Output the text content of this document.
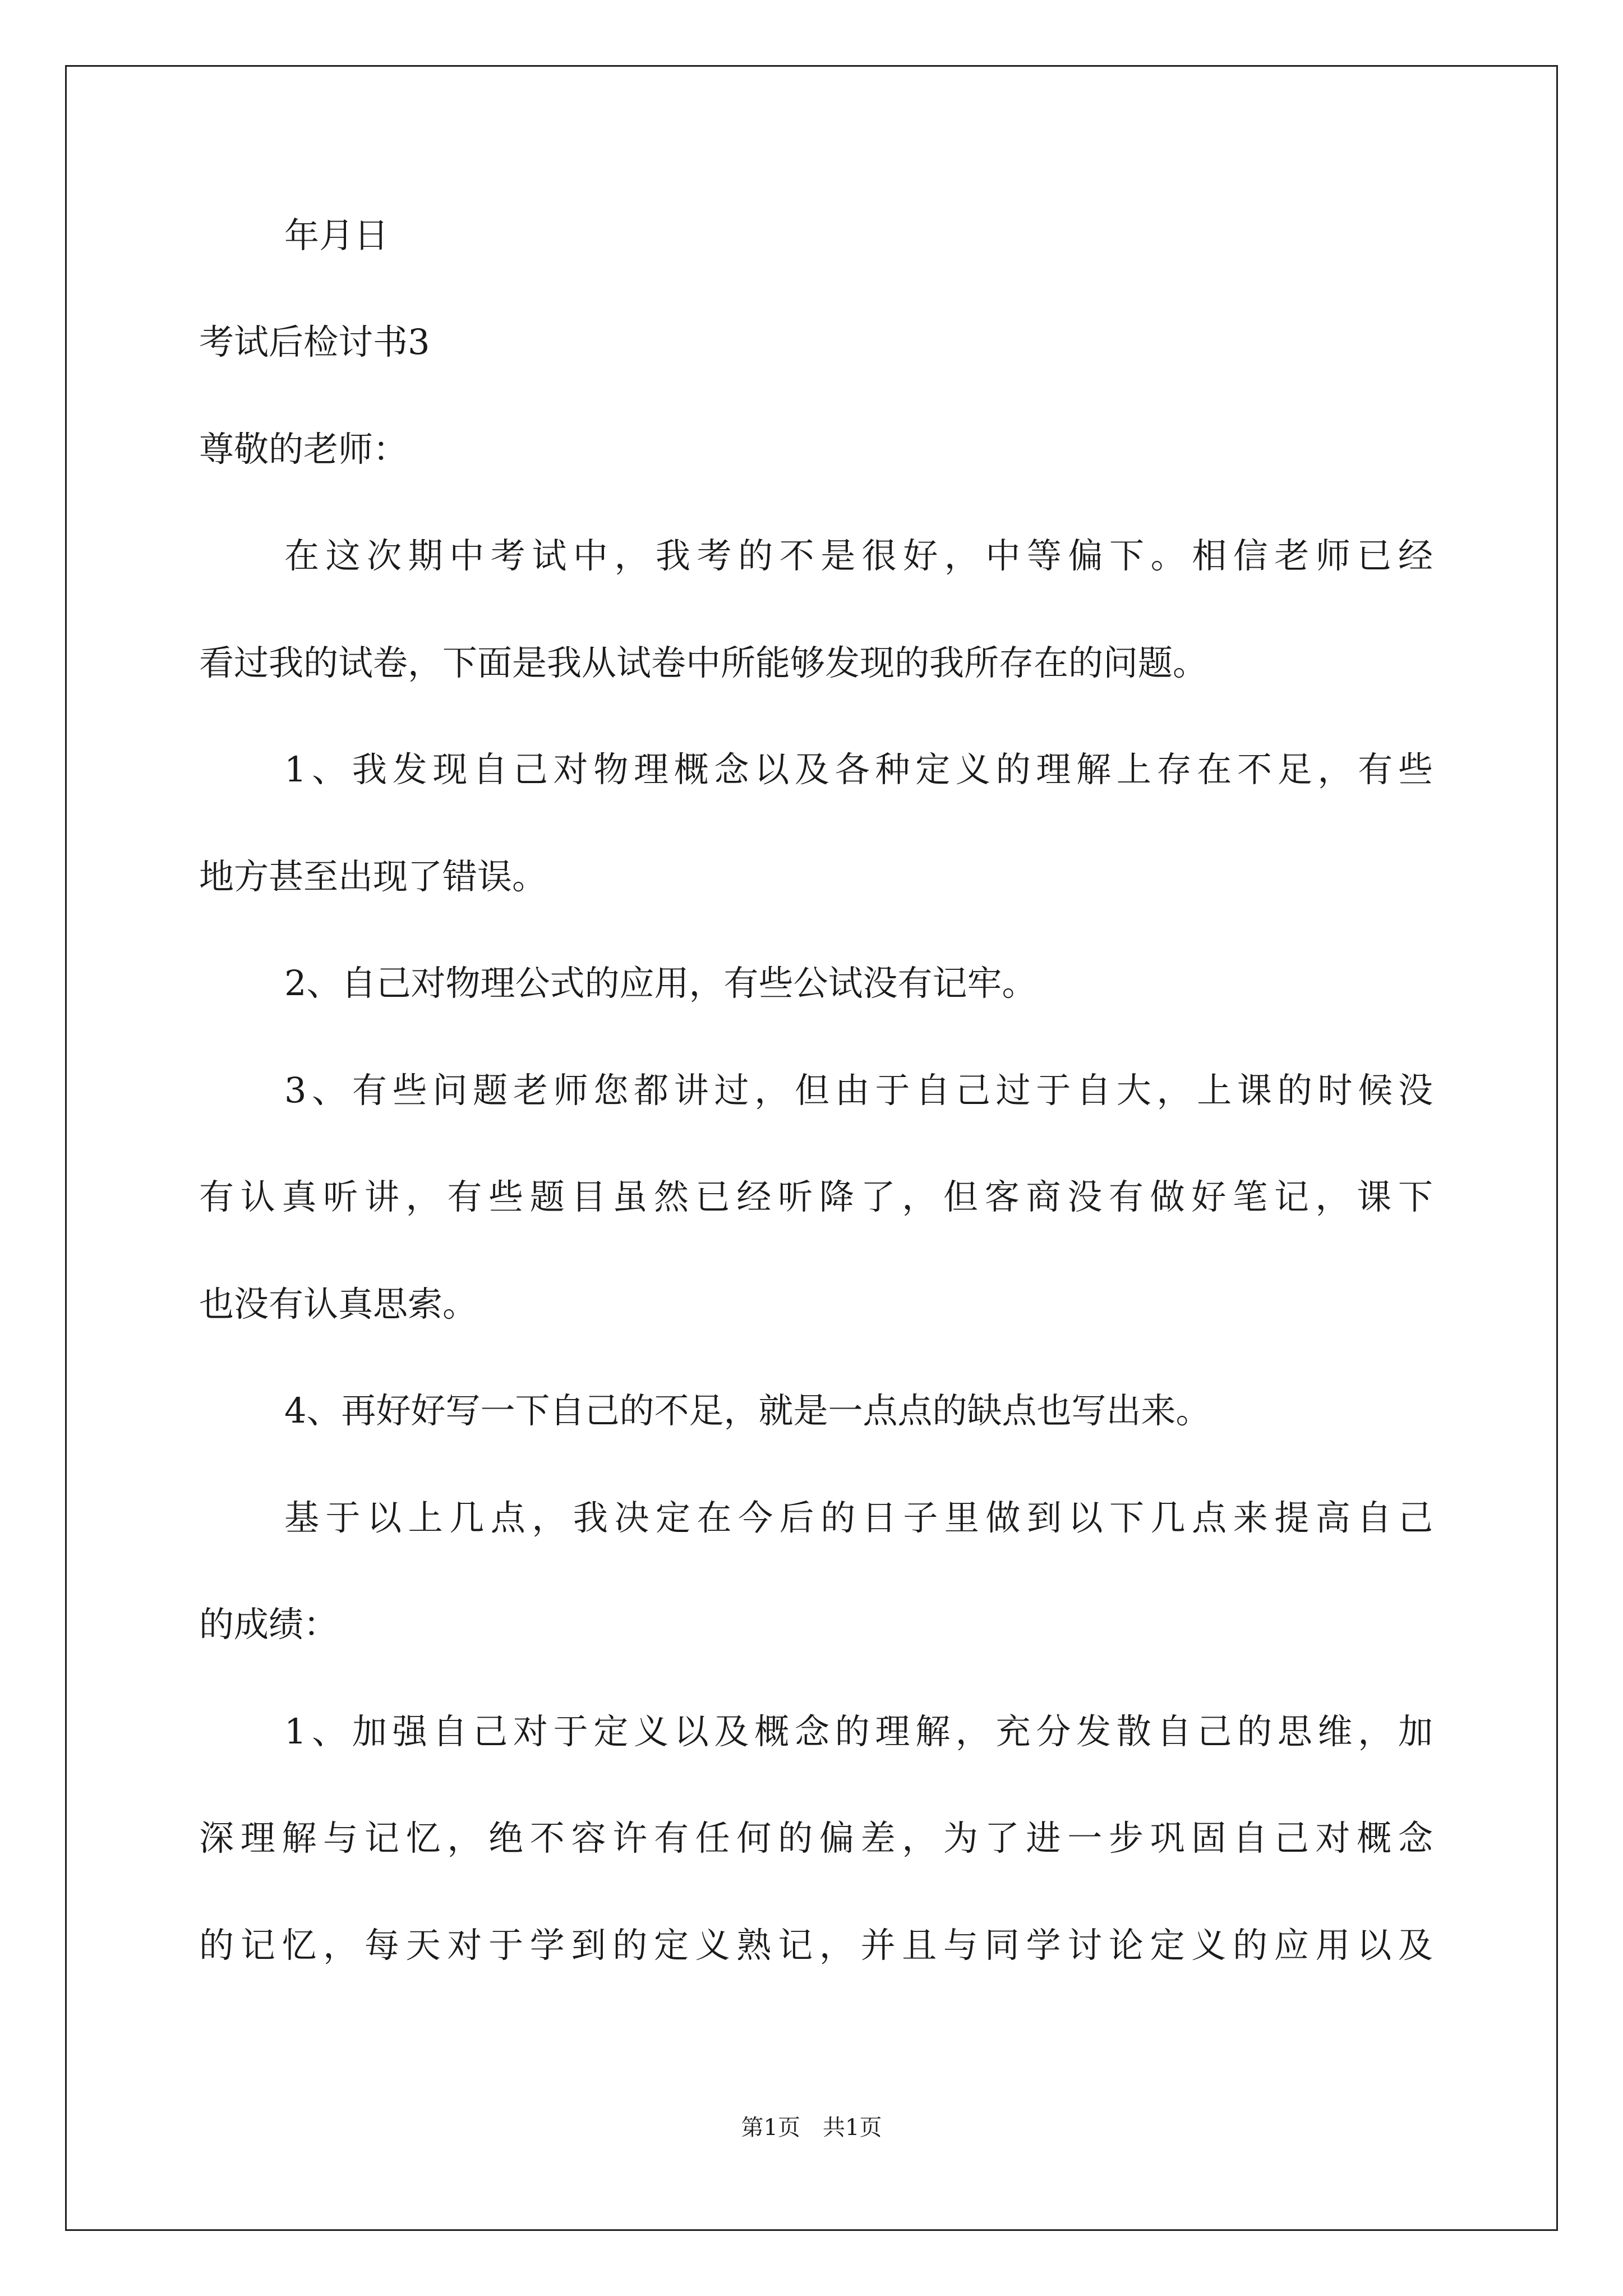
年月日
考试后检讨书3
尊敬的老师：
在这次期中考试中，我考的不是很好，中等偏下。相信老师已经
看过我的试卷，下面是我从试卷中所能够发现的我所存在的问题。
1、我发现自己对物理概念以及各种定义的理解上存在不足，有些
地方甚至出现了错误。
2、自己对物理公式的应用，有些公试没有记牢。
3、有些问题老师您都讲过，但由于自己过于自大，上课的时候没
有认真听讲，有些题目虽然已经听降了，但客商没有做好笔记，课下
也没有认真思索。
4、再好好写一下自己的不足，就是一点点的缺点也写出来。
基于以上几点，我决定在今后的日子里做到以下几点来提高自己
的成绩：
1、加强自己对于定义以及概念的理解，充分发散自己的思维，加
深理解与记忆，绝不容许有任何的偏差，为了进一步巩固自己对概念
的记忆，每天对于学到的定义熟记，并且与同学讨论定义的应用以及
第1页　共1页
